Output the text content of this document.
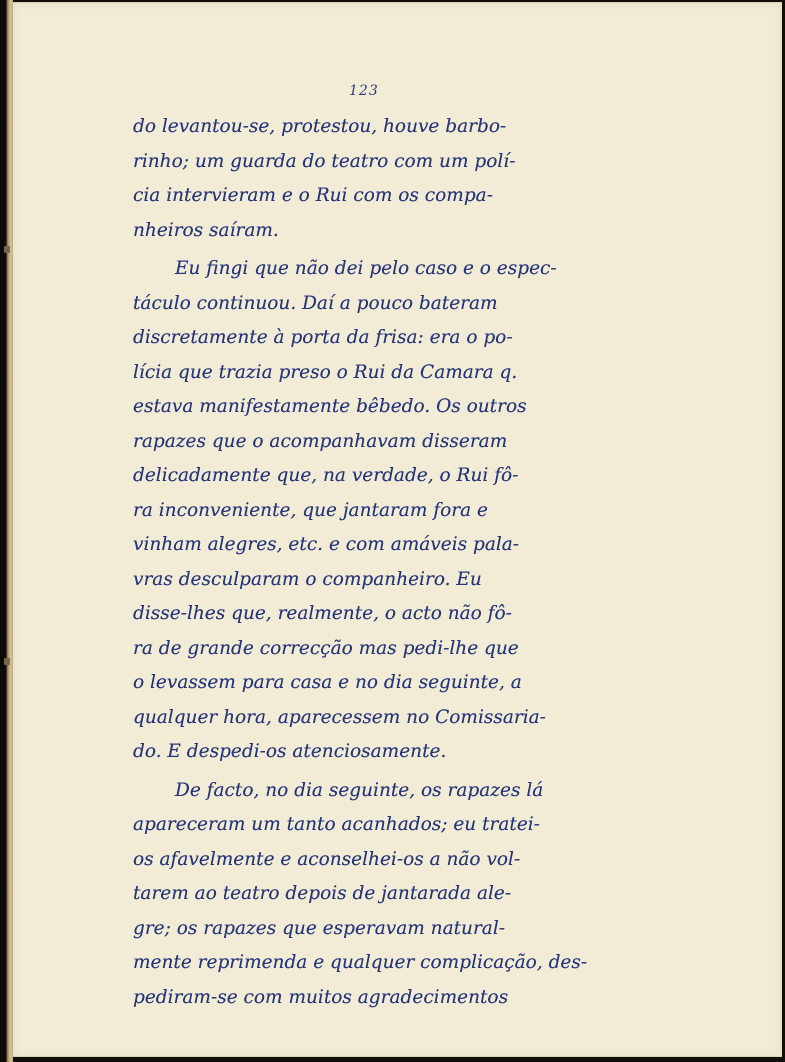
123
do levantou-se, protestou, houve barbo-
rinho; um guarda do teatro com um polí-
cia intervieram e o Rui com os compa-
nheiros saíram.
Eu fingi que não dei pelo caso e o espec-
táculo continuou. Daí a pouco bateram
discretamente à porta da frisa: era o po-
lícia que trazia preso o Rui da Camara q.
estava manifestamente bêbedo. Os outros
rapazes que o acompanhavam disseram
delicadamente que, na verdade, o Rui fô-
ra inconveniente, que jantaram fora e
vinham alegres, etc. e com amáveis pala-
vras desculparam o companheiro. Eu
disse-lhes que, realmente, o acto não fô-
ra de grande correcção mas pedi-lhe que
o levassem para casa e no dia seguinte, a
qualquer hora, aparecessem no Comissaria-
do. E despedi-os atenciosamente.
De facto, no dia seguinte, os rapazes lá
apareceram um tanto acanhados; eu tratei-
os afavelmente e aconselhei-os a não vol-
tarem ao teatro depois de jantarada ale-
gre; os rapazes que esperavam natural-
mente reprimenda e qualquer complicação, des-
pediram-se com muitos agradecimentos
